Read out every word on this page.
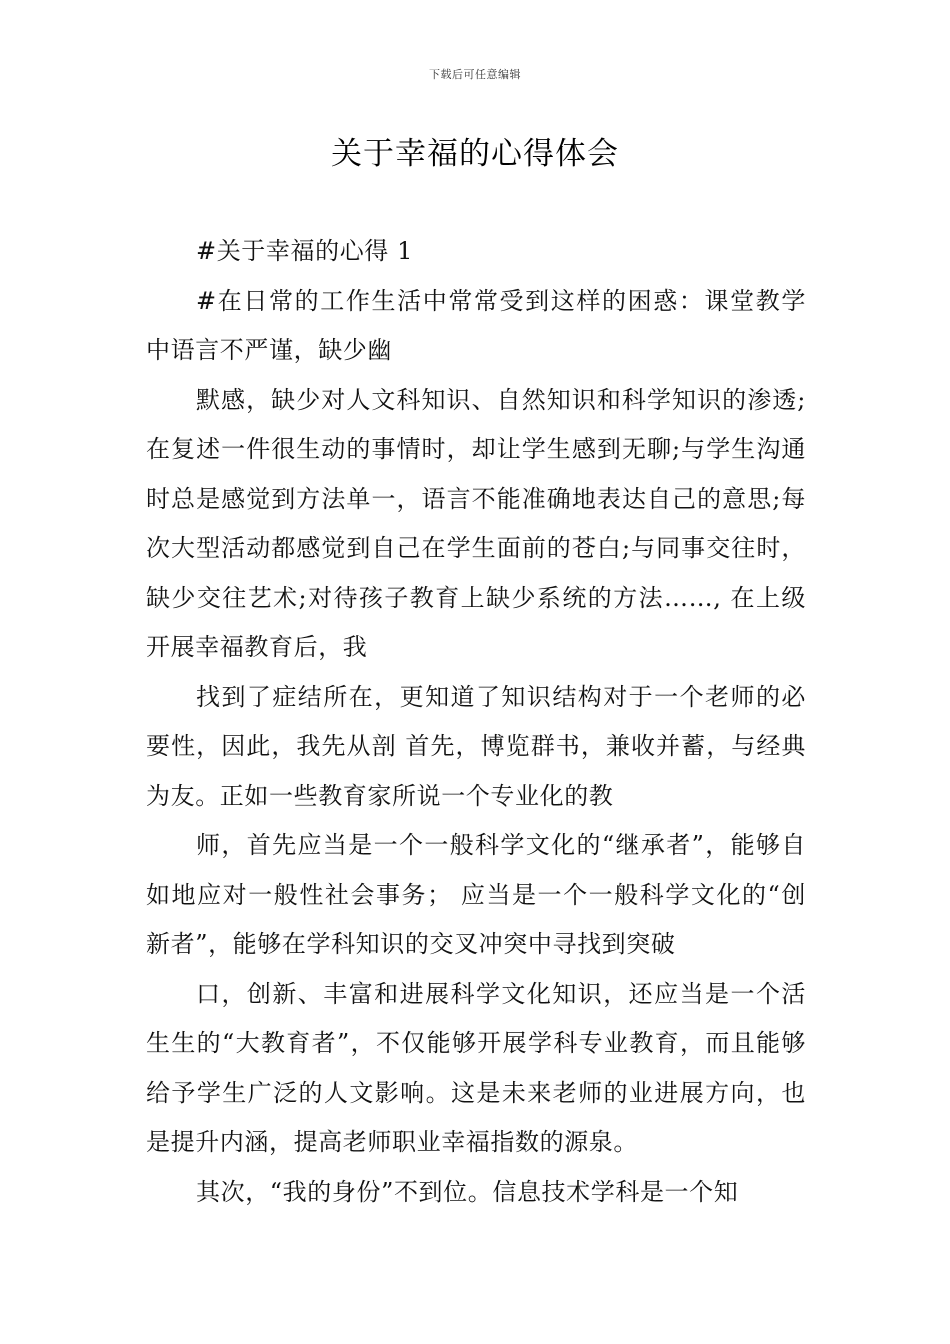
下载后可任意编辑
关于幸福的心得体会

#关于幸福的心得 1

#在日常的工作生活中常常受到这样的困惑：课堂教学中语言不严谨，缺少幽

默感，缺少对人文科知识、自然知识和科学知识的渗透;在复述一件很生动的事情时，却让学生感到无聊;与学生沟通时总是感觉到方法单一，语言不能准确地表达自己的意思;每次大型活动都感觉到自己在学生面前的苍白;与同事交往时，缺少交往艺术;对待孩子教育上缺少系统的方法……, 在上级开展幸福教育后，我

找到了症结所在，更知道了知识结构对于一个老师的必要性，因此，我先从剖 首先，博览群书，兼收并蓄，与经典为友。正如一些教育家所说一个专业化的教

师，首先应当是一个一般科学文化的“继承者”，能够自如地应对一般性社会事务； 应当是一个一般科学文化的“创新者”，能够在学科知识的交叉冲突中寻找到突破

口，创新、丰富和进展科学文化知识，还应当是一个活生生的“大教育者”，不仅能够开展学科专业教育，而且能够给予学生广泛的人文影响。这是未来老师的业进展方向，也是提升内涵，提高老师职业幸福指数的源泉。

其次，“我的身份”不到位。信息技术学科是一个知
